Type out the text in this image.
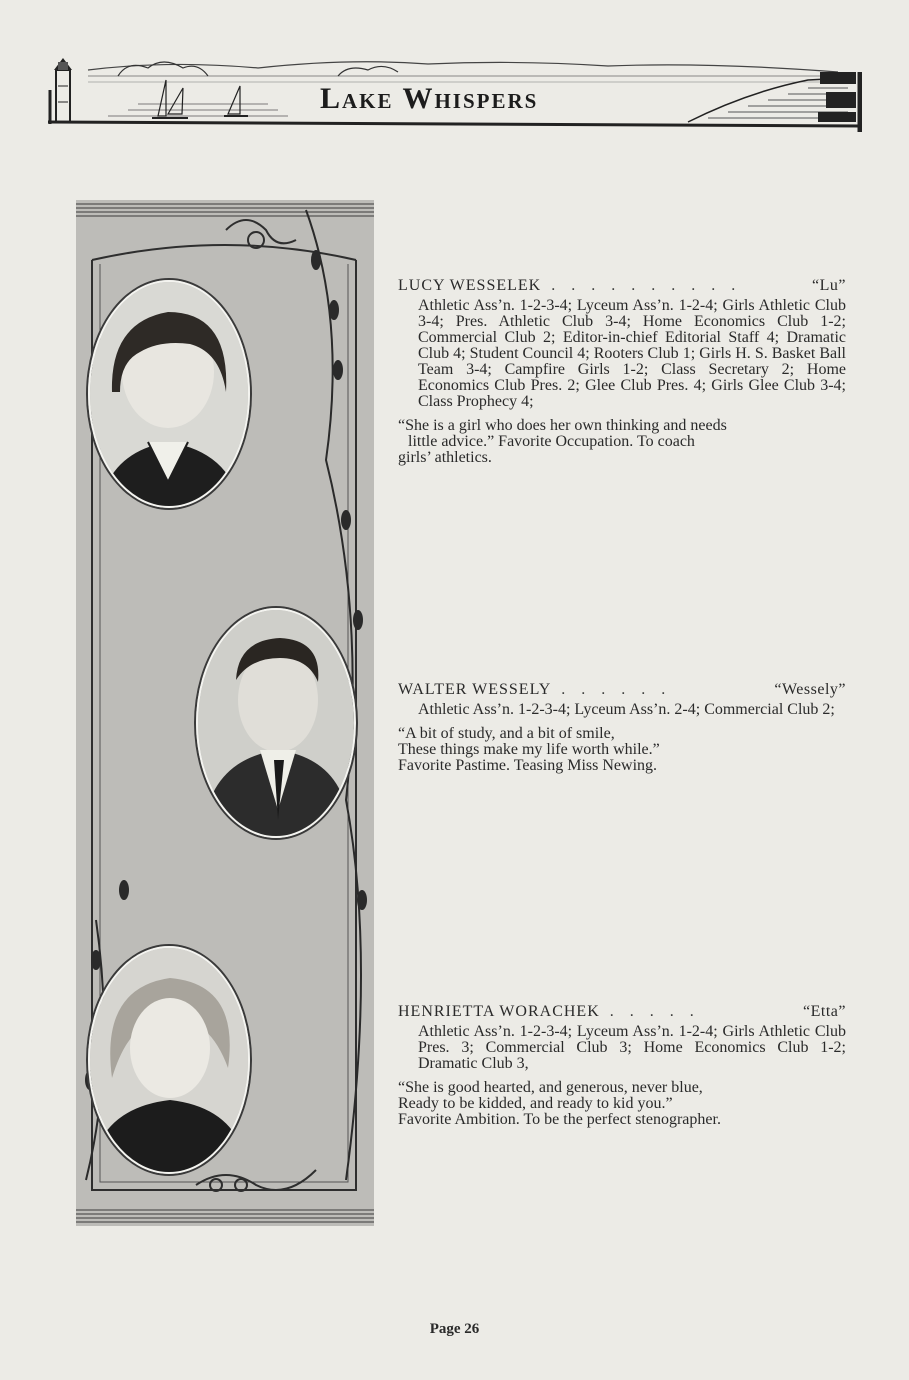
Lake Whispers
LUCY WESSELEK . . . . . . . . . .	“Lu”
Athletic Ass’n. 1-2-3-4; Lyceum Ass’n. 1-2-4; Girls Athletic Club 3-4; Pres. Athletic Club 3-4; Home Economics Club 1-2; Commercial Club 2; Editor-in-chief Editorial Staff 4; Dramatic Club 4; Student Council 4; Rooters Club 1; Girls H. S. Basket Ball Team 3-4; Campfire Girls 1-2; Class Secretary 2; Home Economics Club Pres. 2; Glee Club Pres. 4; Girls Glee Club 3-4; Class Prophecy 4;
“She is a girl who does her own thinking and needs
little advice.” Favorite Occupation. To coach
girls’ athletics.
WALTER WESSELY . . . . . .	“Wessely”
Athletic Ass’n. 1-2-3-4; Lyceum Ass’n. 2-4; Commercial Club 2;
“A bit of study, and a bit of smile,
These things make my life worth while.”
Favorite Pastime. Teasing Miss Newing.
HENRIETTA WORACHEK . . . . .	“Etta”
Athletic Ass’n. 1-2-3-4; Lyceum Ass’n. 1-2-4; Girls Athletic Club Pres. 3; Commercial Club 3; Home Economics Club 1-2; Dramatic Club 3,
“She is good hearted, and generous, never blue,
Ready to be kidded, and ready to kid you.”
Favorite Ambition. To be the perfect stenographer.
Page 26
